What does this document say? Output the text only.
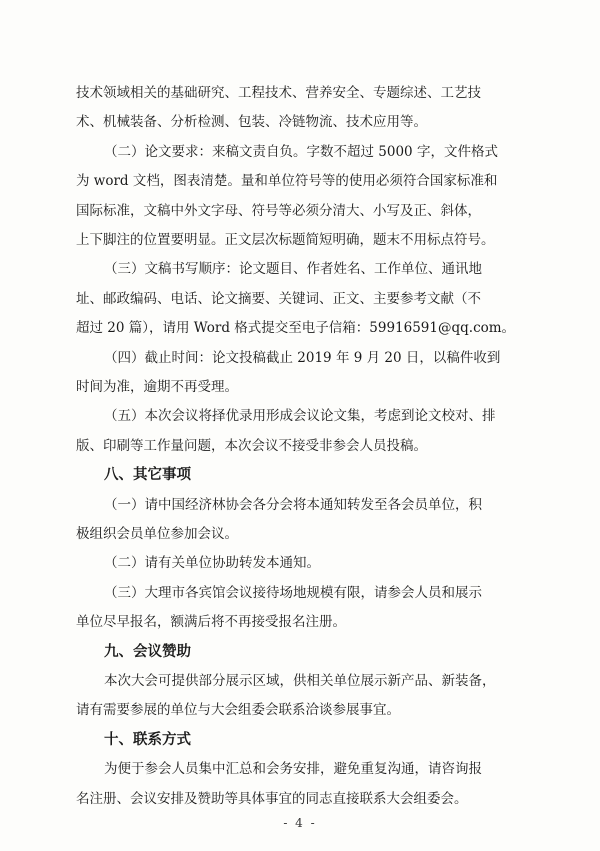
技术领域相关的基础研究、工程技术、营养安全、专题综述、工艺技
术、机械装备、分析检测、包装、冷链物流、技术应用等。
（二）论文要求：来稿文责自负。字数不超过 5000 字，文件格式
为 word 文档，图表清楚。量和单位符号等的使用必须符合国家标准和
国际标准，文稿中外文字母、符号等必须分清大、小写及正、斜体，
上下脚注的位置要明显。正文层次标题简短明确，题末不用标点符号。
（三）文稿书写顺序：论文题目、作者姓名、工作单位、通讯地
址、邮政编码、电话、论文摘要、关键词、正文、主要参考文献（不
超过 20 篇），请用 Word 格式提交至电子信箱：59916591@qq.com。
（四）截止时间：论文投稿截止 2019 年 9 月 20 日，以稿件收到
时间为准，逾期不再受理。
（五）本次会议将择优录用形成会议论文集，考虑到论文校对、排
版、印刷等工作量问题，本次会议不接受非参会人员投稿。
八、其它事项
（一）请中国经济林协会各分会将本通知转发至各会员单位，积
极组织会员单位参加会议。
（二）请有关单位协助转发本通知。
（三）大理市各宾馆会议接待场地规模有限，请参会人员和展示
单位尽早报名，额满后将不再接受报名注册。
九、会议赞助
本次大会可提供部分展示区域，供相关单位展示新产品、新装备，
请有需要参展的单位与大会组委会联系洽谈参展事宜。
十、联系方式
为便于参会人员集中汇总和会务安排，避免重复沟通，请咨询报
- 4 -
名注册、会议安排及赞助等具体事宜的同志直接联系大会组委会。
